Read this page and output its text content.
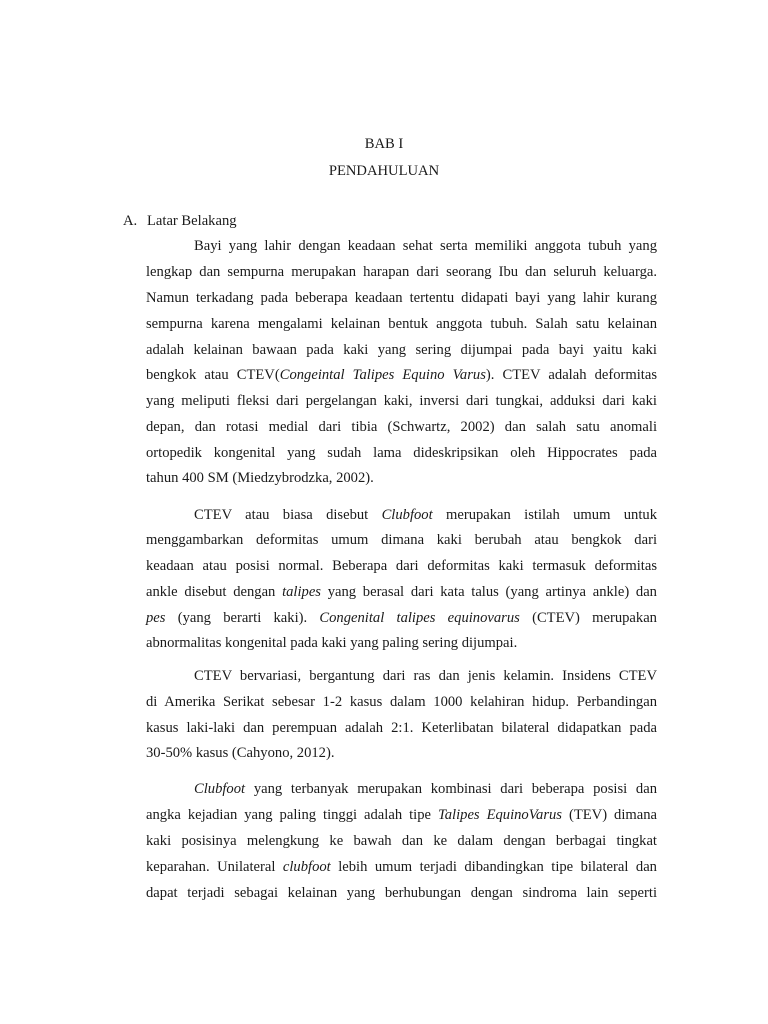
BAB I
PENDAHULUAN
A. Latar Belakang
Bayi yang lahir dengan keadaan sehat serta memiliki anggota tubuh yang
lengkap dan sempurna merupakan harapan dari seorang Ibu dan seluruh keluarga.
Namun terkadang pada beberapa keadaan tertentu didapati bayi yang lahir kurang
sempurna karena mengalami kelainan bentuk anggota tubuh. Salah satu kelainan
adalah kelainan bawaan pada kaki yang sering dijumpai pada bayi yaitu kaki
bengkok atau CTEV(Congeintal Talipes Equino Varus). CTEV adalah deformitas
yang meliputi fleksi dari pergelangan kaki, inversi dari tungkai, adduksi dari kaki
depan, dan rotasi medial dari tibia (Schwartz, 2002) dan salah satu anomali
ortopedik kongenital yang sudah lama dideskripsikan oleh Hippocrates pada
tahun 400 SM (Miedzybrodzka, 2002).
CTEV atau biasa disebut Clubfoot merupakan istilah umum untuk
menggambarkan deformitas umum dimana kaki berubah atau bengkok dari
keadaan atau posisi normal. Beberapa dari deformitas kaki termasuk deformitas
ankle disebut dengan talipes yang berasal dari kata talus (yang artinya ankle) dan
pes (yang berarti kaki). Congenital talipes equinovarus (CTEV) merupakan
abnormalitas kongenital pada kaki yang paling sering dijumpai.
CTEV bervariasi, bergantung dari ras dan jenis kelamin. Insidens CTEV
di Amerika Serikat sebesar 1-2 kasus dalam 1000 kelahiran hidup. Perbandingan
kasus laki-laki dan perempuan adalah 2:1. Keterlibatan bilateral didapatkan pada
30-50% kasus (Cahyono, 2012).
Clubfoot yang terbanyak merupakan kombinasi dari beberapa posisi dan
angka kejadian yang paling tinggi adalah tipe Talipes EquinoVarus (TEV) dimana
kaki posisinya melengkung ke bawah dan ke dalam dengan berbagai tingkat
keparahan. Unilateral clubfoot lebih umum terjadi dibandingkan tipe bilateral dan
dapat terjadi sebagai kelainan yang berhubungan dengan sindroma lain seperti
